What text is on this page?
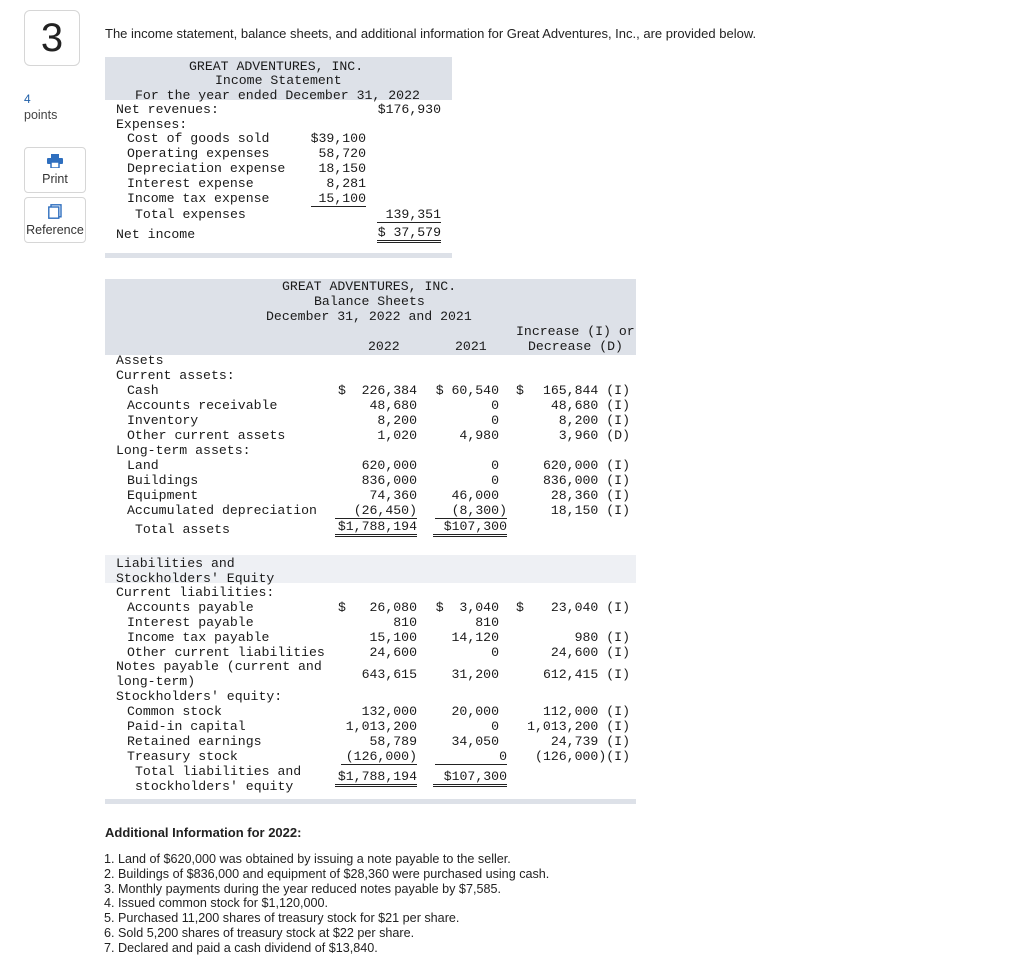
3
4
points
Print
Reference
The income statement, balance sheets, and additional information for Great Adventures, Inc., are provided below.
GREAT ADVENTURES, INC.
Income Statement
For the year ended December 31, 2022
Net revenues:	$176,930
Expenses:
Cost of goods sold	$39,100
Operating expenses	58,720
Depreciation expense	18,150
Interest expense	8,281
Income tax expense	15,100
Total expenses	139,351
Net income	$ 37,579
GREAT ADVENTURES, INC.
Balance Sheets
December 31, 2022 and 2021
2022	2021
Increase (I) or
Decrease (D)
Assets
Current assets:
Cash	$	226,384	$ 60,540 $	165,844 (I)
Accounts receivable	48,680	0	48,680 (I)
Inventory	8,200	0	8,200 (I)
Other current assets	1,020	4,980	3,960 (D)
Long-term assets:
Land	620,000	0	620,000 (I)
Buildings	836,000	0	836,000 (I)
Equipment	74,360	46,000	28,360 (I)
Accumulated depreciation	(26,450)	(8,300)	18,150 (I)
Total assets	$1,788,194	$107,300
Liabilities and
Stockholders' Equity
Current liabilities:
Accounts payable	$	26,080	$  3,040 $	23,040 (I)
Interest payable	810	810
Income tax payable	15,100	14,120	980 (I)
Other current liabilities	24,600	0	24,600 (I)
Notes payable (current and
long-term)	643,615	31,200	612,415 (I)
Stockholders' equity:
Common stock	132,000	20,000	112,000 (I)
Paid-in capital	1,013,200	0	1,013,200 (I)
Retained earnings	58,789	34,050	24,739 (I)
Treasury stock	(126,000)	0	(126,000)(I)
Total liabilities and
stockholders' equity
$1,788,194	$107,300
Additional Information for 2022:
1. Land of $620,000 was obtained by issuing a note payable to the seller.
2. Buildings of $836,000 and equipment of $28,360 were purchased using cash.
3. Monthly payments during the year reduced notes payable by $7,585.
4. Issued common stock for $1,120,000.
5. Purchased 11,200 shares of treasury stock for $21 per share.
6. Sold 5,200 shares of treasury stock at $22 per share.
7. Declared and paid a cash dividend of $13,840.
